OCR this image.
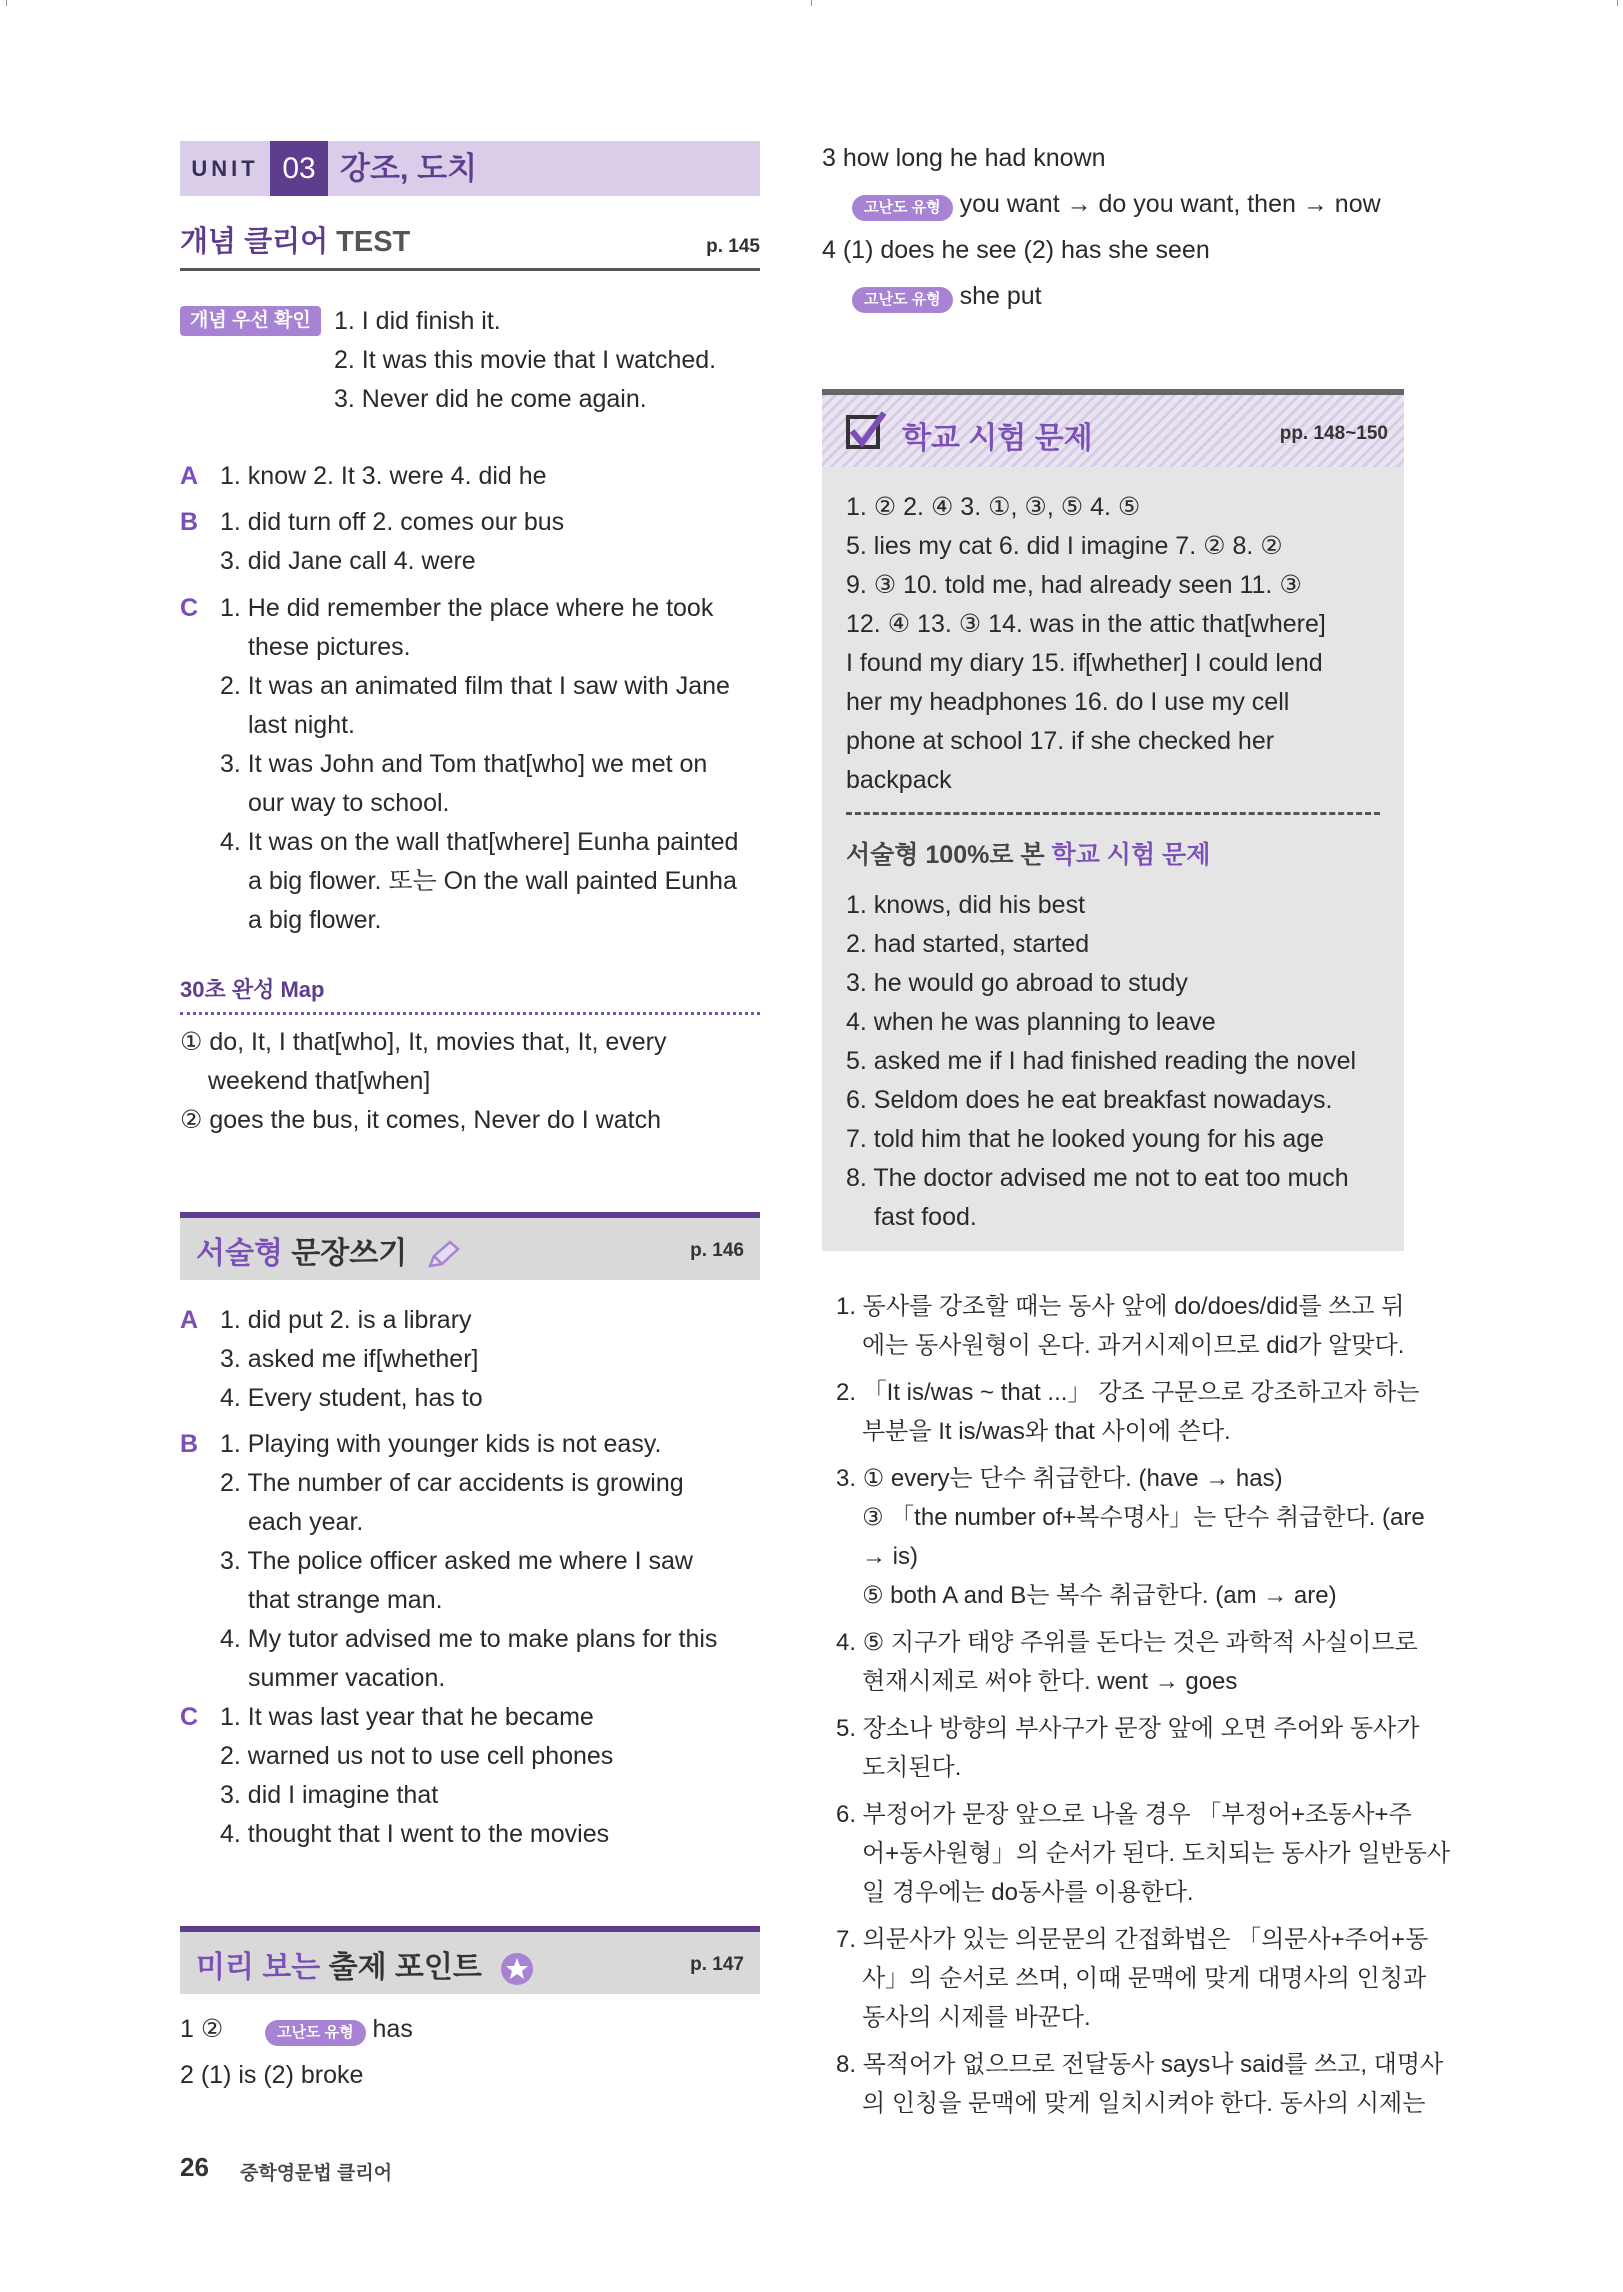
UNIT 03 강조, 도치
개념 클리어 TEST	p. 145
개념 우선 확인 1. I did finish it.
2. It was this movie that I watched.
3. Never did he come again.
A 1. know 2. It 3. were 4. did he
B 1. did turn off 2. comes our bus
3. did Jane call 4. were
C 1. He did remember the place where he took
these pictures.
2. It was an animated film that I saw with Jane
last night.
3. It was John and Tom that[who] we met on
our way to school.
4. It was on the wall that[where] Eunha painted
a big flower. 또는 On the wall painted Eunha
a big flower.
30초 완성 Map
① do, It, I that[who], It, movies that, It, every
weekend that[when]
② goes the bus, it comes, Never do I watch
서술형 문장쓰기	p. 146
A 1. did put 2. is a library
3. asked me if[whether]
4. Every student, has to
B 1. Playing with younger kids is not easy.
2. The number of car accidents is growing
each year.
3. The police officer asked me where I saw
that strange man.
4. My tutor advised me to make plans for this
summer vacation.
C 1. It was last year that he became
2. warned us not to use cell phones
3. did I imagine that
4. thought that I went to the movies
미리 보는 출제 포인트	p. 147
1 ②	고난도 유형 has
2 (1) is (2) broke
3 how long he had known
고난도 유형 you want → do you want, then → now
4 (1) does he see (2) has she seen
고난도 유형 she put
학교 시험 문제	pp. 148~150
1. ② 2. ④ 3. ①, ③, ⑤ 4. ⑤
5. lies my cat 6. did I imagine 7. ② 8. ②
9. ③ 10. told me, had already seen 11. ③
12. ④ 13. ③ 14. was in the attic that[where]
I found my diary 15. if[whether] I could lend
her my headphones 16. do I use my cell
phone at school 17. if she checked her
backpack
서술형 100%로 본 학교 시험 문제
1. knows, did his best
2. had started, started
3. he would go abroad to study
4. when he was planning to leave
5. asked me if I had finished reading the novel
6. Seldom does he eat breakfast nowadays.
7. told him that he looked young for his age
8. The doctor advised me not to eat too much
fast food.
1. 동사를 강조할 때는 동사 앞에 do/does/did를 쓰고 뒤
에는 동사원형이 온다. 과거시제이므로 did가 알맞다.
2. 「It is/was ~ that ...」 강조 구문으로 강조하고자 하는
부분을 It is/was와 that 사이에 쓴다.
3. ① every는 단수 취급한다. (have → has)
③ 「the number of+복수명사」는 단수 취급한다. (are
→ is)
⑤ both A and B는 복수 취급한다. (am → are)
4. ⑤ 지구가 태양 주위를 돈다는 것은 과학적 사실이므로
현재시제로 써야 한다. went → goes
5. 장소나 방향의 부사구가 문장 앞에 오면 주어와 동사가
도치된다.
6. 부정어가 문장 앞으로 나올 경우 「부정어+조동사+주
어+동사원형」의 순서가 된다. 도치되는 동사가 일반동사
일 경우에는 do동사를 이용한다.
7. 의문사가 있는 의문문의 간접화법은 「의문사+주어+동
사」의 순서로 쓰며, 이때 문맥에 맞게 대명사의 인칭과
동사의 시제를 바꾼다.
8. 목적어가 없으므로 전달동사 says나 said를 쓰고, 대명사
의 인칭을 문맥에 맞게 일치시켜야 한다. 동사의 시제는
26 중학영문법 클리어
